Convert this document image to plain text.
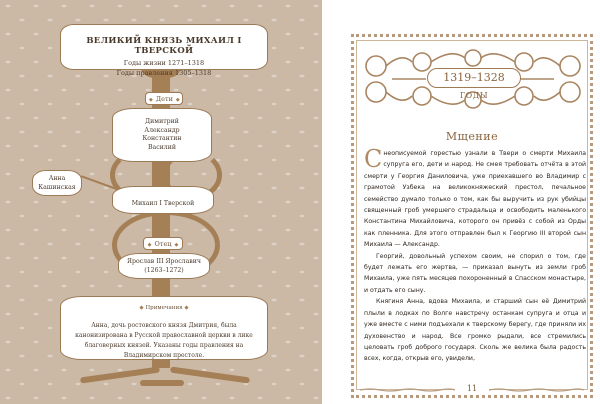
ВЕЛИКИЙ КНЯЗЬ МИХАИЛ I ТВЕРСКОЙ
Годы жизни 1271–1318
Годы правления 1305–1318
◆ Дети ◆
Димитрий
Александр
Константин
Василий
Анна
Кашинская
Михаил I Тверской
◆ Отец ◆
Ярослав III Ярославич
(1263–1272)
◆ Примечания ◆
Анна, дочь ростовского князя Дмитрия, была канонизирована в Русской православной церкви в лике благоверных князей. Указаны годы правления на Владимирском престоле.
1319–1328 ГОДЫ
Мщение

Снеописуемой горестью узнали в Твери о смерти Михаила супруга его, дети и народ. Не смея требовать отчёта в этой смерти у Георгия Даниловича, уже приехавшего во Владимир с грамотой Узбека на великокняжеский престол, печальное семейство думало только о том, как бы выручить из рук убийцы священный гроб умершего страдальца и освободить маленького Константина Михайловича, которого он привёз с собой из Орды как пленника. Для этого отправлен был к Георгию III второй сын Михаила — Александр.

Георгий, довольный успехом своим, не спорил о том, где будет лежать его жертва, — приказал вынуть из земли гроб Михаила, уже пять месяцев похороненный в Спасском монастыре, и отдать его сыну.

Княгиня Анна, вдова Михаила, и старший сын её Димитрий плыли в лодках по Волге навстречу останкам супруга и отца и уже вместе с ними подъехали к тверскому берегу, где приняли их духовенство и народ. Все громко рыдали, все стремились целовать гроб доброго государя. Сколь же велика была радость всех, когда, открыв его, увидели,

11
